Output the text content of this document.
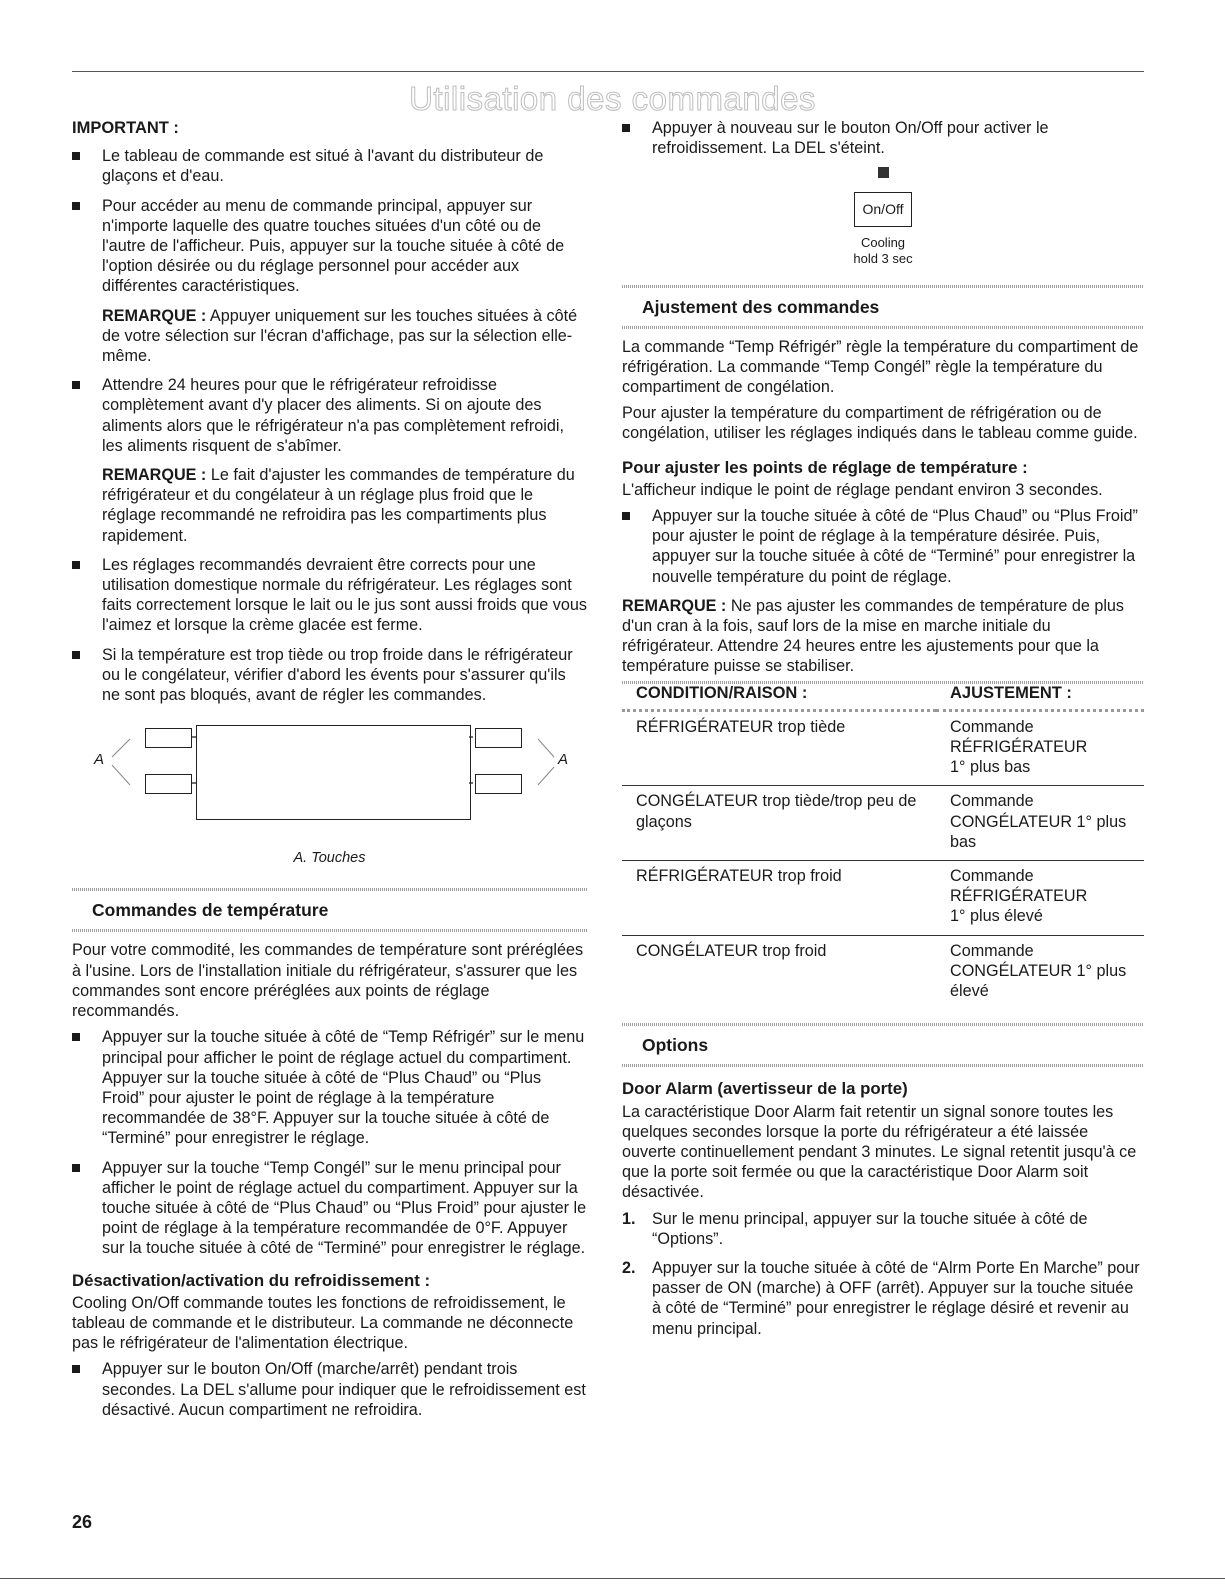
Utilisation des commandes
IMPORTANT :
Le tableau de commande est situé à l'avant du distributeur de glaçons et d'eau.
Pour accéder au menu de commande principal, appuyer sur n'importe laquelle des quatre touches situées d'un côté ou de l'autre de l'afficheur. Puis, appuyer sur la touche située à côté de l'option désirée ou du réglage personnel pour accéder aux différentes caractéristiques.
REMARQUE : Appuyer uniquement sur les touches situées à côté de votre sélection sur l'écran d'affichage, pas sur la sélection elle-même.
Attendre 24 heures pour que le réfrigérateur refroidisse complètement avant d'y placer des aliments. Si on ajoute des aliments alors que le réfrigérateur n'a pas complètement refroidi, les aliments risquent de s'abîmer.
REMARQUE : Le fait d'ajuster les commandes de température du réfrigérateur et du congélateur à un réglage plus froid que le réglage recommandé ne refroidira pas les compartiments plus rapidement.
Les réglages recommandés devraient être corrects pour une utilisation domestique normale du réfrigérateur. Les réglages sont faits correctement lorsque le lait ou le jus sont aussi froids que vous l'aimez et lorsque la crème glacée est ferme.
Si la température est trop tiède ou trop froide dans le réfrigérateur ou le congélateur, vérifier d'abord les évents pour s'assurer qu'ils ne sont pas bloqués, avant de régler les commandes.
A	A
A. Touches
Commandes de température
Pour votre commodité, les commandes de température sont préréglées à l'usine. Lors de l'installation initiale du réfrigérateur, s'assurer que les commandes sont encore préréglées aux points de réglage recommandés.
Appuyer sur la touche située à côté de “Temp Réfrigér” sur le menu principal pour afficher le point de réglage actuel du compartiment. Appuyer sur la touche située à côté de “Plus Chaud” ou “Plus Froid” pour ajuster le point de réglage à la température recommandée de 38°F. Appuyer sur la touche située à côté de “Terminé” pour enregistrer le réglage.
Appuyer sur la touche “Temp Congél” sur le menu principal pour afficher le point de réglage actuel du compartiment. Appuyer sur la touche située à côté de “Plus Chaud” ou “Plus Froid” pour ajuster le point de réglage à la température recommandée de 0°F. Appuyer sur la touche située à côté de “Terminé” pour enregistrer le réglage.
Désactivation/activation du refroidissement :
Cooling On/Off commande toutes les fonctions de refroidissement, le tableau de commande et le distributeur. La commande ne déconnecte pas le réfrigérateur de l'alimentation électrique.
Appuyer sur le bouton On/Off (marche/arrêt) pendant trois secondes. La DEL s'allume pour indiquer que le refroidissement est désactivé. Aucun compartiment ne refroidira.
Appuyer à nouveau sur le bouton On/Off pour activer le refroidissement. La DEL s'éteint.
On/Off
Cooling
hold 3 sec
Ajustement des commandes
La commande “Temp Réfrigér” règle la température du compartiment de réfrigération. La commande “Temp Congél” règle la température du compartiment de congélation.
Pour ajuster la température du compartiment de réfrigération ou de congélation, utiliser les réglages indiqués dans le tableau comme guide.
Pour ajuster les points de réglage de température :
L'afficheur indique le point de réglage pendant environ 3 secondes.
Appuyer sur la touche située à côté de “Plus Chaud” ou “Plus Froid” pour ajuster le point de réglage à la température désirée. Puis, appuyer sur la touche située à côté de “Terminé” pour enregistrer la nouvelle température du point de réglage.
REMARQUE : Ne pas ajuster les commandes de température de plus d'un cran à la fois, sauf lors de la mise en marche initiale du réfrigérateur. Attendre 24 heures entre les ajustements pour que la température puisse se stabiliser.
CONDITION/RAISON :	AJUSTEMENT :
RÉFRIGÉRATEUR trop tiède	Commande
RÉFRIGÉRATEUR
1° plus bas

CONGÉLATEUR trop tiède/trop peu de glaçons	Commande
CONGÉLATEUR 1° plus bas

RÉFRIGÉRATEUR trop froid	Commande
RÉFRIGÉRATEUR
1° plus élevé

CONGÉLATEUR trop froid	Commande
CONGÉLATEUR 1° plus élevé
Options
Door Alarm (avertisseur de la porte)
La caractéristique Door Alarm fait retentir un signal sonore toutes les quelques secondes lorsque la porte du réfrigérateur a été laissée ouverte continuellement pendant 3 minutes. Le signal retentit jusqu'à ce que la porte soit fermée ou que la caractéristique Door Alarm soit désactivée.
1. Sur le menu principal, appuyer sur la touche située à côté de “Options”.
2. Appuyer sur la touche située à côté de “Alrm Porte En Marche” pour passer de ON (marche) à OFF (arrêt). Appuyer sur la touche située à côté de “Terminé” pour enregistrer le réglage désiré et revenir au menu principal.
26
